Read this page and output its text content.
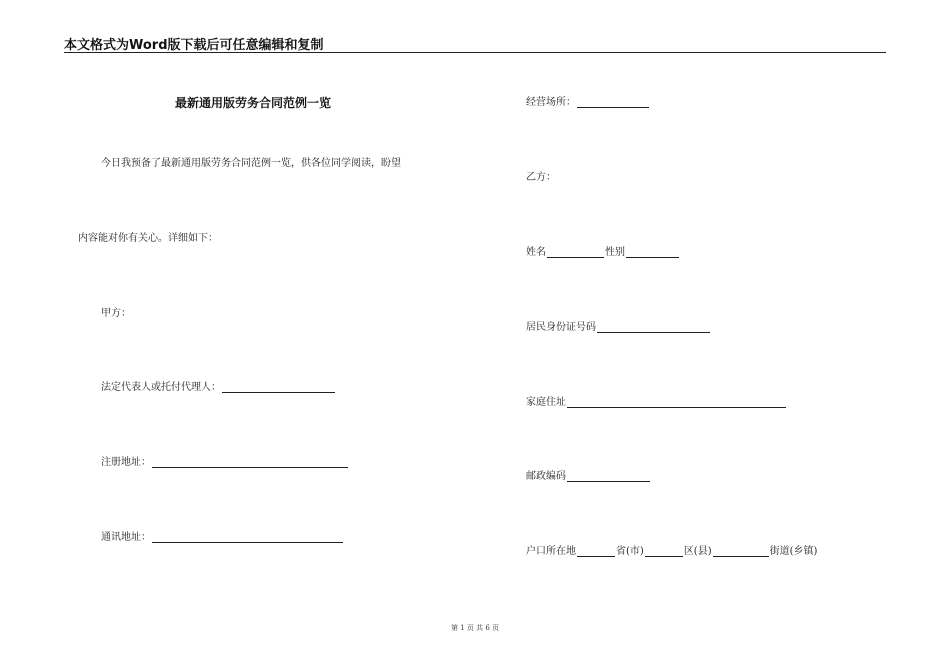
本文格式为Word版下载后可任意编辑和复制
最新通用版劳务合同范例一览
今日我预备了最新通用版劳务合同范例一览，供各位同学阅读，盼望
内容能对你有关心。详细如下：
甲方：
法定代表人或托付代理人：
注册地址：
通讯地址：
经营场所：
乙方：
姓名	性别
居民身份证号码
家庭住址
邮政编码
户口所在地	省(市)	区(县)	街道(乡镇)
第 1 页 共 6 页
